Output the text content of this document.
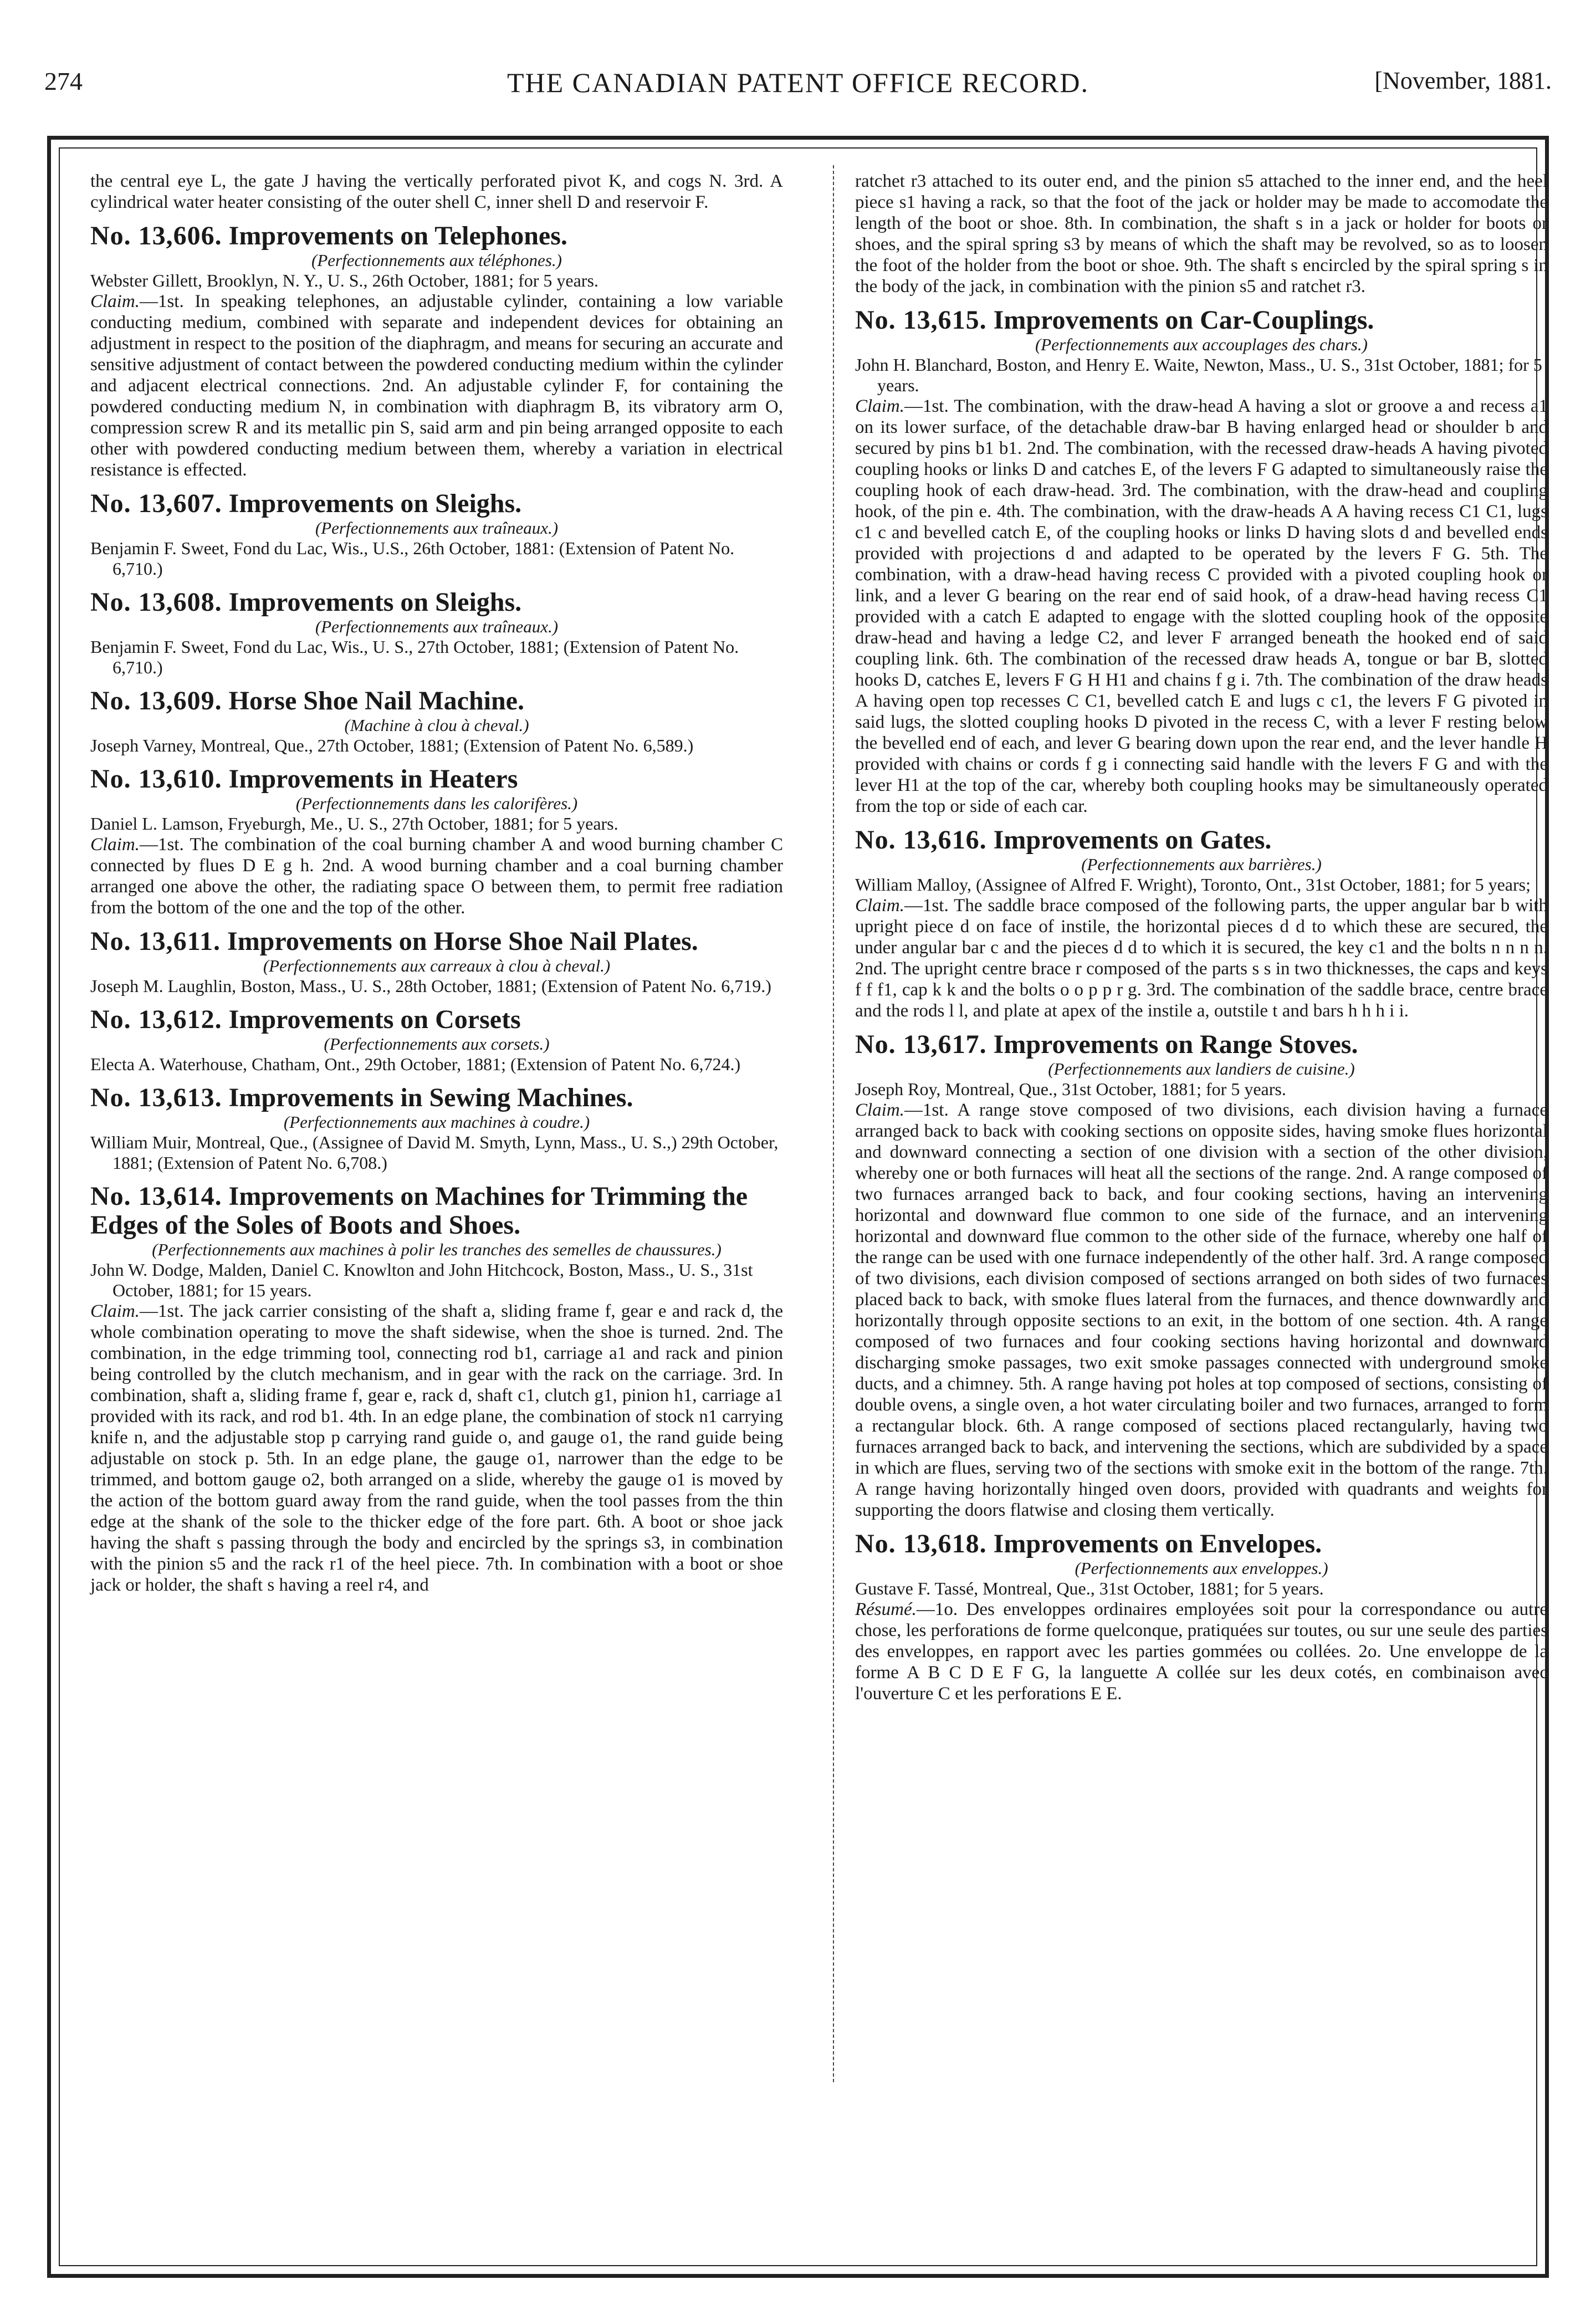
274	THE CANADIAN PATENT OFFICE RECORD.	[November, 1881.

the central eye L, the gate J having the vertically perforated pivot K, and cogs N. 3rd. A cylindrical water heater consisting of the outer shell C, inner shell D and reservoir F.

No. 13,606. Improvements on Telephones.

(Perfectionnements aux téléphones.)

Webster Gillett, Brooklyn, N. Y., U. S., 26th October, 1881; for 5 years.

Claim.—1st. In speaking telephones, an adjustable cylinder, containing a low variable conducting medium, combined with separate and independent devices for obtaining an adjustment in respect to the position of the diaphragm, and means for securing an accurate and sensitive adjustment of contact between the powdered conducting medium within the cylinder and adjacent electrical connections. 2nd. An adjustable cylinder F, for containing the powdered conducting medium N, in combination with diaphragm B, its vibratory arm O, compression screw R and its metallic pin S, said arm and pin being arranged opposite to each other with powdered conducting medium between them, whereby a variation in electrical resistance is effected.

No. 13,607. Improvements on Sleighs.

(Perfectionnements aux traîneaux.)

Benjamin F. Sweet, Fond du Lac, Wis., U.S., 26th October, 1881: (Extension of Patent No. 6,710.)

No. 13,608. Improvements on Sleighs.

(Perfectionnements aux traîneaux.)

Benjamin F. Sweet, Fond du Lac, Wis., U. S., 27th October, 1881; (Extension of Patent No. 6,710.)

No. 13,609. Horse Shoe Nail Machine.

(Machine à clou à cheval.)

Joseph Varney, Montreal, Que., 27th October, 1881; (Extension of Patent No. 6,589.)

No. 13,610. Improvements in Heaters

(Perfectionnements dans les calorifères.)

Daniel L. Lamson, Fryeburgh, Me., U. S., 27th October, 1881; for 5 years.

Claim.—1st. The combination of the coal burning chamber A and wood burning chamber C connected by flues D E g h. 2nd. A wood burning chamber and a coal burning chamber arranged one above the other, the radiating space O between them, to permit free radiation from the bottom of the one and the top of the other.

No. 13,611. Improvements on Horse Shoe Nail Plates.

(Perfectionnements aux carreaux à clou à cheval.)

Joseph M. Laughlin, Boston, Mass., U. S., 28th October, 1881; (Extension of Patent No. 6,719.)

No. 13,612. Improvements on Corsets

(Perfectionnements aux corsets.)

Electa A. Waterhouse, Chatham, Ont., 29th October, 1881; (Extension of Patent No. 6,724.)

No. 13,613. Improvements in Sewing Machines.

(Perfectionnements aux machines à coudre.)

William Muir, Montreal, Que., (Assignee of David M. Smyth, Lynn, Mass., U. S.,) 29th October, 1881; (Extension of Patent No. 6,708.)

No. 13,614. Improvements on Machines for Trimming the Edges of the Soles of Boots and Shoes.

(Perfectionnements aux machines à polir les tranches des semelles de chaussures.)

John W. Dodge, Malden, Daniel C. Knowlton and John Hitchcock, Boston, Mass., U. S., 31st October, 1881; for 15 years.

Claim.—1st. The jack carrier consisting of the shaft a, sliding frame f, gear e and rack d, the whole combination operating to move the shaft sidewise, when the shoe is turned. 2nd. The combination, in the edge trimming tool, connecting rod b1, carriage a1 and rack and pinion being controlled by the clutch mechanism, and in gear with the rack on the carriage. 3rd. In combination, shaft a, sliding frame f, gear e, rack d, shaft c1, clutch g1, pinion h1, carriage a1 provided with its rack, and rod b1. 4th. In an edge plane, the combination of stock n1 carrying knife n, and the adjustable stop p carrying rand guide o, and gauge o1, the rand guide being adjustable on stock p. 5th. In an edge plane, the gauge o1, narrower than the edge to be trimmed, and bottom gauge o2, both arranged on a slide, whereby the gauge o1 is moved by the action of the bottom guard away from the rand guide, when the tool passes from the thin edge at the shank of the sole to the thicker edge of the fore part. 6th. A boot or shoe jack having the shaft s passing through the body and encircled by the springs s3, in combination with the pinion s5 and the rack r1 of the heel piece. 7th. In combination with a boot or shoe jack or holder, the shaft s having a reel r4, and

ratchet r3 attached to its outer end, and the pinion s5 attached to the inner end, and the heel piece s1 having a rack, so that the foot of the jack or holder may be made to accomodate the length of the boot or shoe. 8th. In combination, the shaft s in a jack or holder for boots or shoes, and the spiral spring s3 by means of which the shaft may be revolved, so as to loosen the foot of the holder from the boot or shoe. 9th. The shaft s encircled by the spiral spring s in the body of the jack, in combination with the pinion s5 and ratchet r3.

No. 13,615. Improvements on Car-Couplings.

(Perfectionnements aux accouplages des chars.)

John H. Blanchard, Boston, and Henry E. Waite, Newton, Mass., U. S., 31st October, 1881; for 5 years.

Claim.—1st. The combination, with the draw-head A having a slot or groove a and recess a1 on its lower surface, of the detachable draw-bar B having enlarged head or shoulder b and secured by pins b1 b1. 2nd. The combination, with the recessed draw-heads A having pivoted coupling hooks or links D and catches E, of the levers F G adapted to simultaneously raise the coupling hook of each draw-head. 3rd. The combination, with the draw-head and coupling hook, of the pin e. 4th. The combination, with the draw-heads A A having recess C1 C1, lugs c1 c and bevelled catch E, of the coupling hooks or links D having slots d and bevelled ends provided with projections d and adapted to be operated by the levers F G. 5th. The combination, with a draw-head having recess C provided with a pivoted coupling hook or link, and a lever G bearing on the rear end of said hook, of a draw-head having recess C1 provided with a catch E adapted to engage with the slotted coupling hook of the opposite draw-head and having a ledge C2, and lever F arranged beneath the hooked end of said coupling link. 6th. The combination of the recessed draw heads A, tongue or bar B, slotted hooks D, catches E, levers F G H H1 and chains f g i. 7th. The combination of the draw heads A having open top recesses C C1, bevelled catch E and lugs c c1, the levers F G pivoted in said lugs, the slotted coupling hooks D pivoted in the recess C, with a lever F resting below the bevelled end of each, and lever G bearing down upon the rear end, and the lever handle H provided with chains or cords f g i connecting said handle with the levers F G and with the lever H1 at the top of the car, whereby both coupling hooks may be simultaneously operated from the top or side of each car.

No. 13,616. Improvements on Gates.

(Perfectionnements aux barrières.)

William Malloy, (Assignee of Alfred F. Wright), Toronto, Ont., 31st October, 1881; for 5 years;

Claim.—1st. The saddle brace composed of the following parts, the upper angular bar b with upright piece d on face of instile, the horizontal pieces d d to which these are secured, the under angular bar c and the pieces d d to which it is secured, the key c1 and the bolts n n n n. 2nd. The upright centre brace r composed of the parts s s in two thicknesses, the caps and keys f f f1, cap k k and the bolts o o p p r g. 3rd. The combination of the saddle brace, centre brace and the rods l l, and plate at apex of the instile a, outstile t and bars h h h i i.

No. 13,617. Improvements on Range Stoves.

(Perfectionnements aux landiers de cuisine.)

Joseph Roy, Montreal, Que., 31st October, 1881; for 5 years.

Claim.—1st. A range stove composed of two divisions, each division having a furnace arranged back to back with cooking sections on opposite sides, having smoke flues horizontal and downward connecting a section of one division with a section of the other division, whereby one or both furnaces will heat all the sections of the range. 2nd. A range composed of two furnaces arranged back to back, and four cooking sections, having an intervening horizontal and downward flue common to one side of the furnace, and an intervening horizontal and downward flue common to the other side of the furnace, whereby one half of the range can be used with one furnace independently of the other half. 3rd. A range composed of two divisions, each division composed of sections arranged on both sides of two furnaces placed back to back, with smoke flues lateral from the furnaces, and thence downwardly and horizontally through opposite sections to an exit, in the bottom of one section. 4th. A range composed of two furnaces and four cooking sections having horizontal and downward discharging smoke passages, two exit smoke passages connected with underground smoke ducts, and a chimney. 5th. A range having pot holes at top composed of sections, consisting of double ovens, a single oven, a hot water circulating boiler and two furnaces, arranged to form a rectangular block. 6th. A range composed of sections placed rectangularly, having two furnaces arranged back to back, and intervening the sections, which are subdivided by a space in which are flues, serving two of the sections with smoke exit in the bottom of the range. 7th. A range having horizontally hinged oven doors, provided with quadrants and weights for supporting the doors flatwise and closing them vertically.

No. 13,618. Improvements on Envelopes.

(Perfectionnements aux enveloppes.)

Gustave F. Tassé, Montreal, Que., 31st October, 1881; for 5 years.

Résumé.—1o. Des enveloppes ordinaires employées soit pour la correspondance ou autre chose, les perforations de forme quelconque, pratiquées sur toutes, ou sur une seule des parties des enveloppes, en rapport avec les parties gommées ou collées. 2o. Une enveloppe de la forme A B C D E F G, la languette A collée sur les deux cotés, en combinaison avec l'ouverture C et les perforations E E.
